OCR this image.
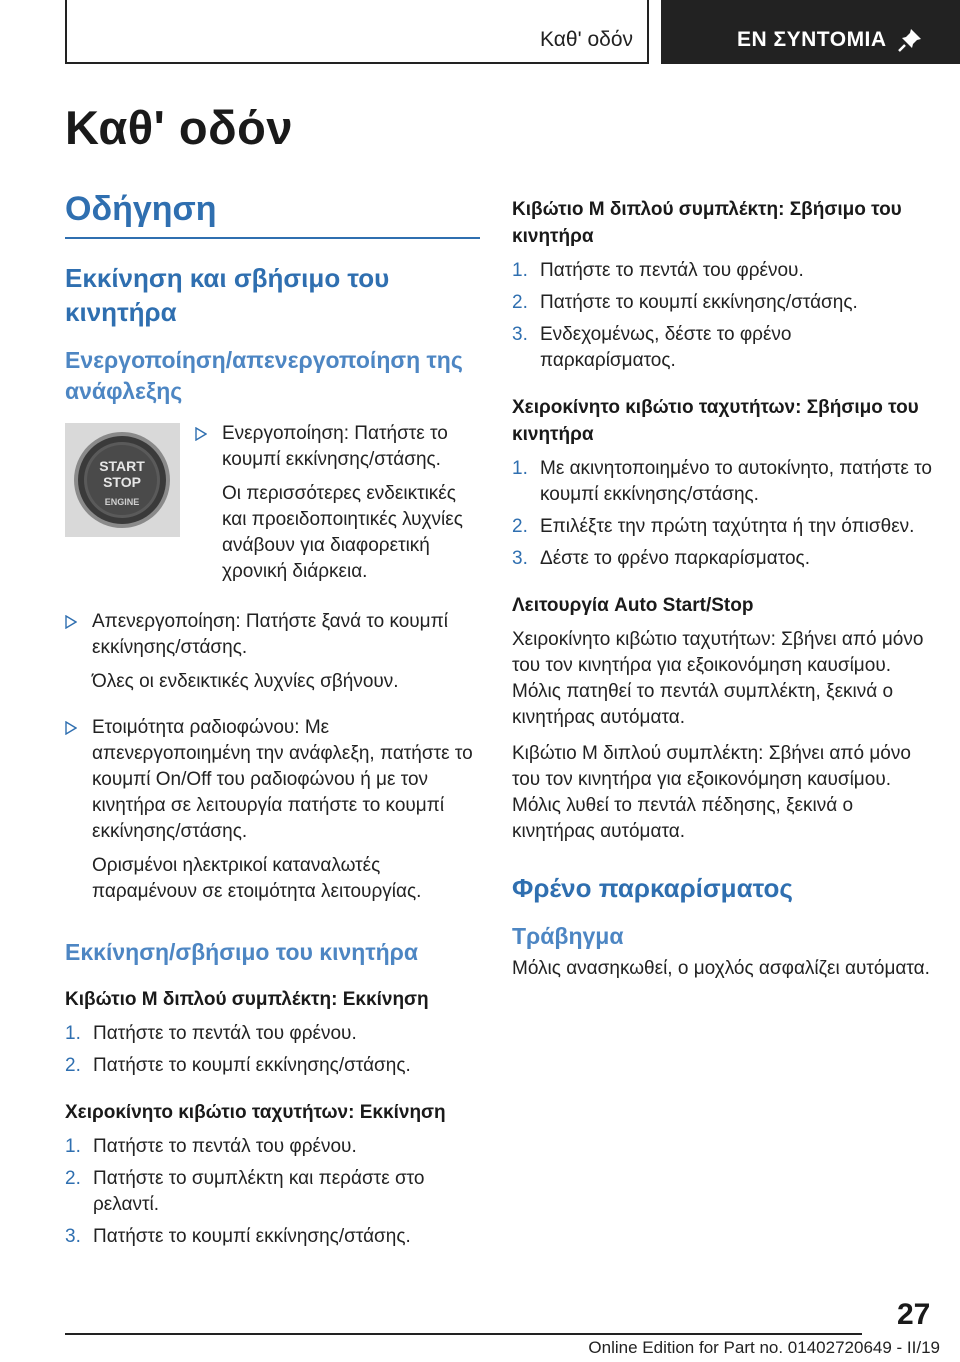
Καθ' οδόν	ΕΝ ΣΥΝΤΟΜΙΑ
Καθ' οδόν
Οδήγηση
Εκκίνηση και σβήσιμο του κινητήρα
Ενεργοποίηση/απενεργοποίηση της ανάφλεξης
START
STOP
ENGINE

Ενεργοποίηση: Πατήστε το κουμπί εκκίνησης/στάσης.

Οι περισσότερες ενδεικτικές και προειδοποιητικές λυχνίες ανάβουν για διαφορετική χρονική διάρκεια.

Απενεργοποίηση: Πατήστε ξανά το κουμπί εκκίνησης/στάσης.

Όλες οι ενδεικτικές λυχνίες σβήνουν.

Ετοιμότητα ραδιοφώνου: Με απενεργοποιημένη την ανάφλεξη, πατήστε το κουμπί On/Off του ραδιοφώνου ή με τον κινητήρα σε λειτουργία πατήστε το κουμπί εκκίνησης/στάσης.

Ορισμένοι ηλεκτρικοί καταναλωτές παραμένουν σε ετοιμότητα λειτουργίας.

Εκκίνηση/σβήσιμο του κινητήρα
Κιβώτιο M διπλού συμπλέκτη: Εκκίνηση
1. Πατήστε το πεντάλ του φρένου.
2. Πατήστε το κουμπί εκκίνησης/στάσης.
Χειροκίνητο κιβώτιο ταχυτήτων: Εκκίνηση
1. Πατήστε το πεντάλ του φρένου.
2. Πατήστε το συμπλέκτη και περάστε στο ρελαντί.
3. Πατήστε το κουμπί εκκίνησης/στάσης.
Κιβώτιο M διπλού συμπλέκτη: Σβήσιμο του κινητήρα
1. Πατήστε το πεντάλ του φρένου.
2. Πατήστε το κουμπί εκκίνησης/στάσης.
3. Ενδεχομένως, δέστε το φρένο παρκαρίσματος.
Χειροκίνητο κιβώτιο ταχυτήτων: Σβήσιμο του κινητήρα
1. Με ακινητοποιημένο το αυτοκίνητο, πατήστε το κουμπί εκκίνησης/στάσης.
2. Επιλέξτε την πρώτη ταχύτητα ή την όπισθεν.
3. Δέστε το φρένο παρκαρίσματος.
Λειτουργία Auto Start/Stop

Χειροκίνητο κιβώτιο ταχυτήτων: Σβήνει από μόνο του τον κινητήρα για εξοικονόμηση καυσίμου. Μόλις πατηθεί το πεντάλ συμπλέκτη, ξεκινά ο κινητήρας αυτόματα.

Κιβώτιο M διπλού συμπλέκτη: Σβήνει από μόνο του τον κινητήρα για εξοικονόμηση καυσίμου. Μόλις λυθεί το πεντάλ πέδησης, ξεκινά ο κινητήρας αυτόματα.

Φρένο παρκαρίσματος
Τράβηγμα

Μόλις ανασηκωθεί, ο μοχλός ασφαλίζει αυτόματα.

27
Online Edition for Part no. 01402720649 - II/19
